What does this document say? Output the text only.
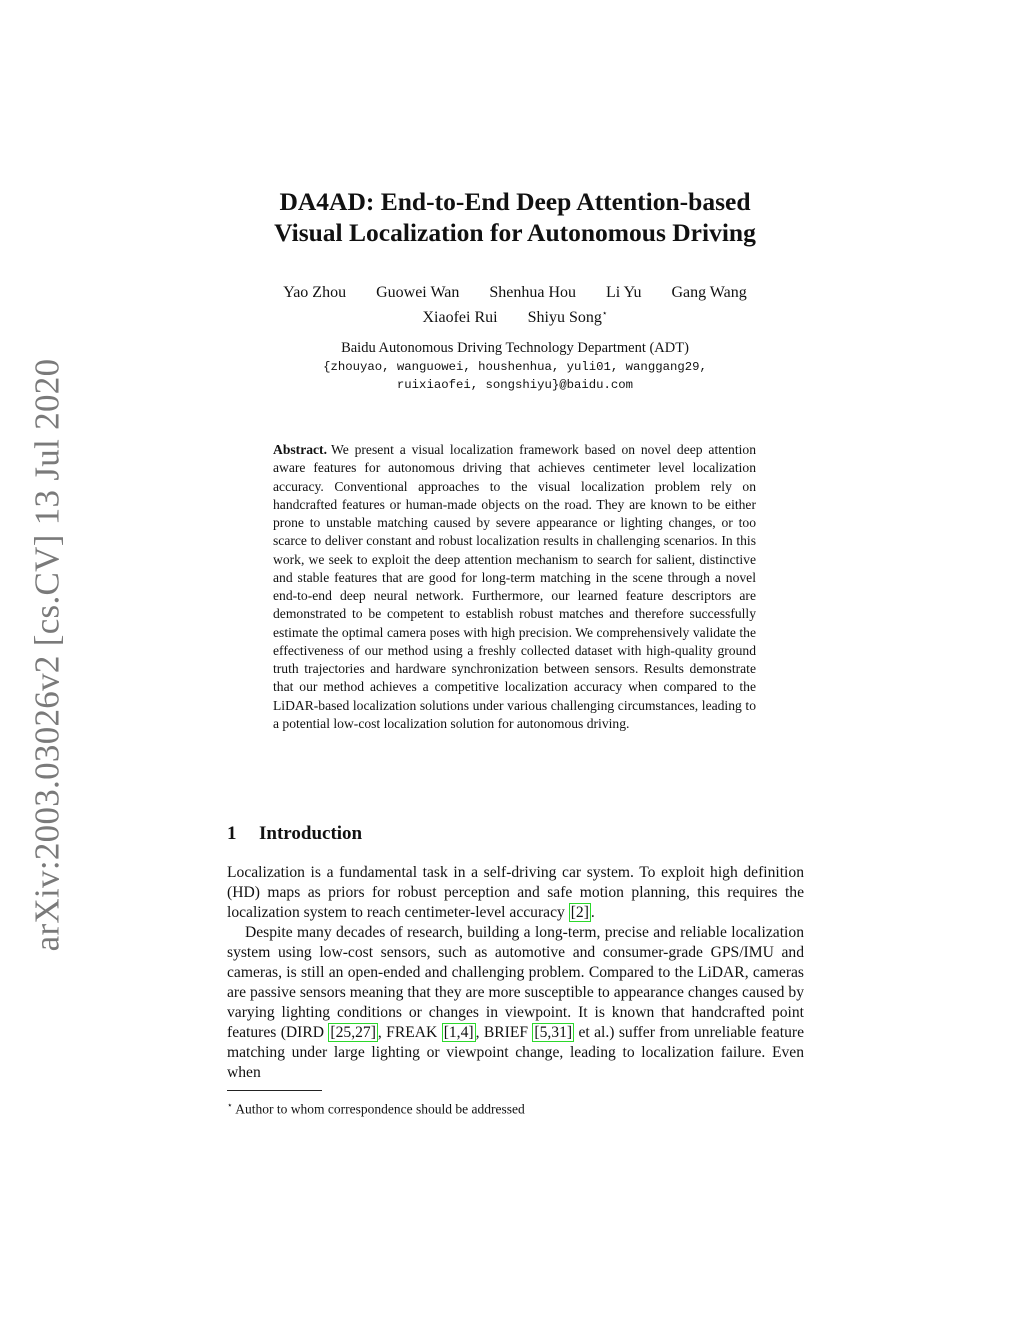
arXiv:2003.03026v2 [cs.CV] 13 Jul 2020
DA4AD: End-to-End Deep Attention-based
Visual Localization for Autonomous Driving
Yao Zhou Guowei Wan Shenhua Hou Li Yu Gang Wang
Xiaofei Rui Shiyu Song⋆
Baidu Autonomous Driving Technology Department (ADT)
{zhouyao, wanguowei, houshenhua, yuli01, wanggang29,
ruixiaofei, songshiyu}@baidu.com
Abstract. We present a visual localization framework based on novel deep attention aware features for autonomous driving that achieves centimeter level localization accuracy. Conventional approaches to the visual localization problem rely on handcrafted features or human-made objects on the road. They are known to be either prone to unstable matching caused by severe appearance or lighting changes, or too scarce to deliver constant and robust localization results in challenging scenarios. In this work, we seek to exploit the deep attention mechanism to search for salient, distinctive and stable features that are good for long-term matching in the scene through a novel end-to-end deep neural network. Furthermore, our learned feature descriptors are demonstrated to be competent to establish robust matches and therefore successfully estimate the optimal camera poses with high precision. We comprehensively validate the effectiveness of our method using a freshly collected dataset with high-quality ground truth trajectories and hardware synchronization between sensors. Results demonstrate that our method achieves a competitive localization accuracy when compared to the LiDAR-based localization solutions under various challenging circumstances, leading to a potential low-cost localization solution for autonomous driving.
1 Introduction

Localization is a fundamental task in a self-driving car system. To exploit high definition (HD) maps as priors for robust perception and safe motion planning, this requires the localization system to reach centimeter-level accuracy [2] .

Despite many decades of research, building a long-term, precise and reliable localization system using low-cost sensors, such as automotive and consumer-grade GPS/IMU and cameras, is still an open-ended and challenging problem. Compared to the LiDAR, cameras are passive sensors meaning that they are more susceptible to appearance changes caused by varying lighting conditions or changes in viewpoint. It is known that handcrafted point features (DIRD [25,27] , FREAK [1,4] , BRIEF [5,31] et al.) suffer from unreliable feature matching under large lighting or viewpoint change, leading to localization failure. Even when

⋆ Author to whom correspondence should be addressed
